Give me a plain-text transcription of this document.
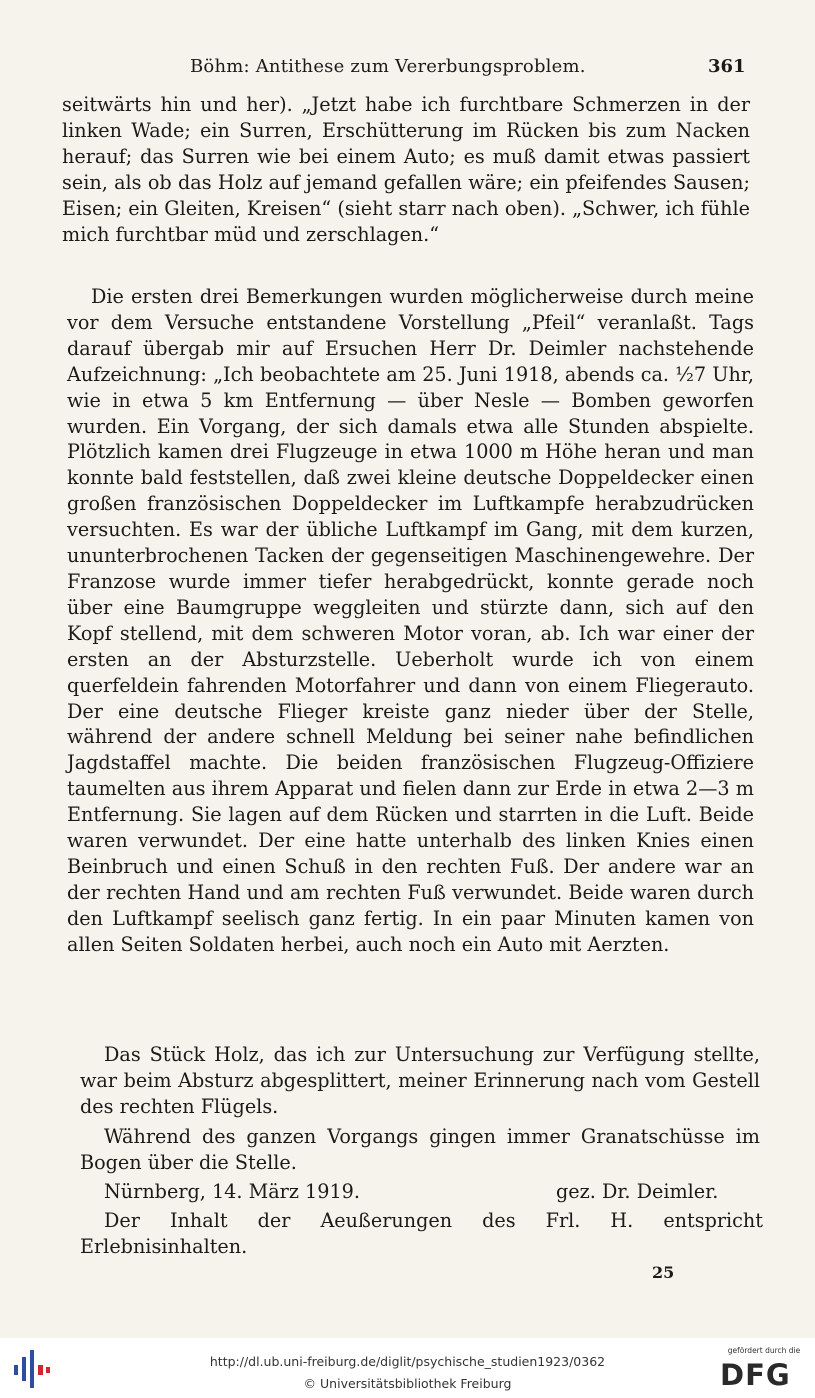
Böhm: Antithese zum Vererbungsproblem.	361

seitwärts hin und her). „Jetzt habe ich furchtbare Schmerzen in der linken Wade; ein Surren, Erschütterung im Rücken bis zum Nacken herauf; das Surren wie bei einem Auto; es muß damit etwas passiert sein, als ob das Holz auf jemand gefallen wäre; ein pfeifendes Sausen; Eisen; ein Gleiten, Kreisen“ (sieht starr nach oben). „Schwer, ich fühle mich furchtbar müd und zerschlagen.“

Die ersten drei Bemerkungen wurden möglicherweise durch meine vor dem Versuche entstandene Vorstellung „Pfeil“ veranlaßt. Tags darauf übergab mir auf Ersuchen Herr Dr. Deimler nachstehende Aufzeichnung: „Ich beobachtete am 25. Juni 1918, abends ca. ½7 Uhr, wie in etwa 5 km Entfernung — über Nesle — Bomben geworfen wurden. Ein Vorgang, der sich damals etwa alle Stunden abspielte. Plötzlich kamen drei Flugzeuge in etwa 1000 m Höhe heran und man konnte bald feststellen, daß zwei kleine deutsche Doppeldecker einen großen französischen Doppeldecker im Luftkampfe herabzudrücken versuchten. Es war der übliche Luftkampf im Gang, mit dem kurzen, ununterbrochenen Tacken der gegenseitigen Maschinengewehre. Der Franzose wurde immer tiefer herabgedrückt, konnte gerade noch über eine Baumgruppe weggleiten und stürzte dann, sich auf den Kopf stellend, mit dem schweren Motor voran, ab. Ich war einer der ersten an der Absturzstelle. Ueberholt wurde ich von einem querfeldein fahrenden Motorfahrer und dann von einem Fliegerauto. Der eine deutsche Flieger kreiste ganz nieder über der Stelle, während der andere schnell Meldung bei seiner nahe befindlichen Jagdstaffel machte. Die beiden französischen Flugzeug-Offiziere taumelten aus ihrem Apparat und fielen dann zur Erde in etwa 2—3 m Entfernung. Sie lagen auf dem Rücken und starrten in die Luft. Beide waren verwundet. Der eine hatte unterhalb des linken Knies einen Beinbruch und einen Schuß in den rechten Fuß. Der andere war an der rechten Hand und am rechten Fuß verwundet. Beide waren durch den Luftkampf seelisch ganz fertig. In ein paar Minuten kamen von allen Seiten Soldaten herbei, auch noch ein Auto mit Aerzten.

Das Stück Holz, das ich zur Untersuchung zur Verfügung stellte, war beim Absturz abgesplittert, meiner Erinnerung nach vom Gestell des rechten Flügels.

Während des ganzen Vorgangs gingen immer Granatschüsse im Bogen über die Stelle.

Nürnberg, 14. März 1919.	gez. Dr. Deimler.

Der Inhalt der Aeußerungen des Frl. H. entspricht Erlebnisinhalten.

25
http://dl.ub.uni-freiburg.de/diglit/psychische_studien1923/0362
© Universitätsbibliothek Freiburg
gefördert durch die
DFG
